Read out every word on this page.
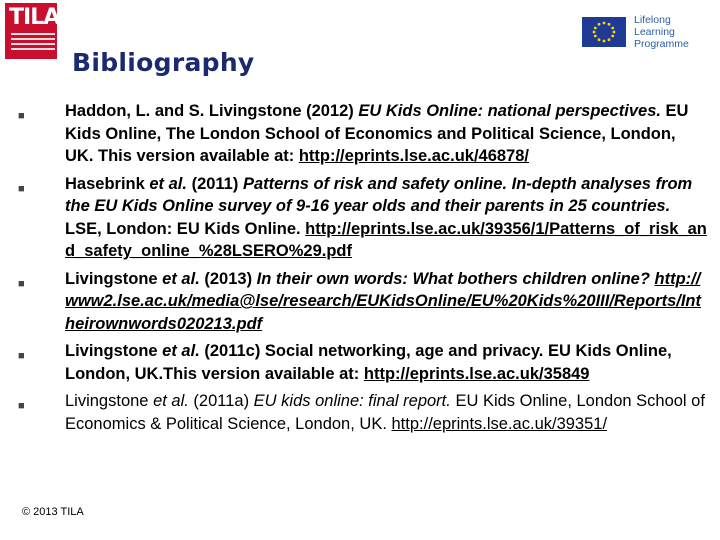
TILA	Lifelong Learning Programme
Bibliography
■ Haddon, L. and S. Livingstone (2012) EU Kids Online: national perspectives. EU Kids Online, The London School of Economics and Political Science, London, UK. This version available at: http://eprints.lse.ac.uk/46878/
■ Hasebrink et al. (2011) Patterns of risk and safety online. In-depth analyses from the EU Kids Online survey of 9-16 year olds and their parents in 25 countries. LSE, London: EU Kids Online. http://eprints.lse.ac.uk/39356/1/Patterns_of_risk_and_safety_online_%28LSERO%29.pdf
■ Livingstone et al. (2013) In their own words: What bothers children online? http://www2.lse.ac.uk/media@lse/research/EUKidsOnline/EU%20Kids%20III/Reports/Intheirownwords020213.pdf
■ Livingstone et al. (2011c) Social networking, age and privacy. EU Kids Online, London, UK.This version available at: http://eprints.lse.ac.uk/35849
■ Livingstone et al. (2011a) EU kids online: final report. EU Kids Online, London School of Economics & Political Science, London, UK. http://eprints.lse.ac.uk/39351/
© 2013 TILA
